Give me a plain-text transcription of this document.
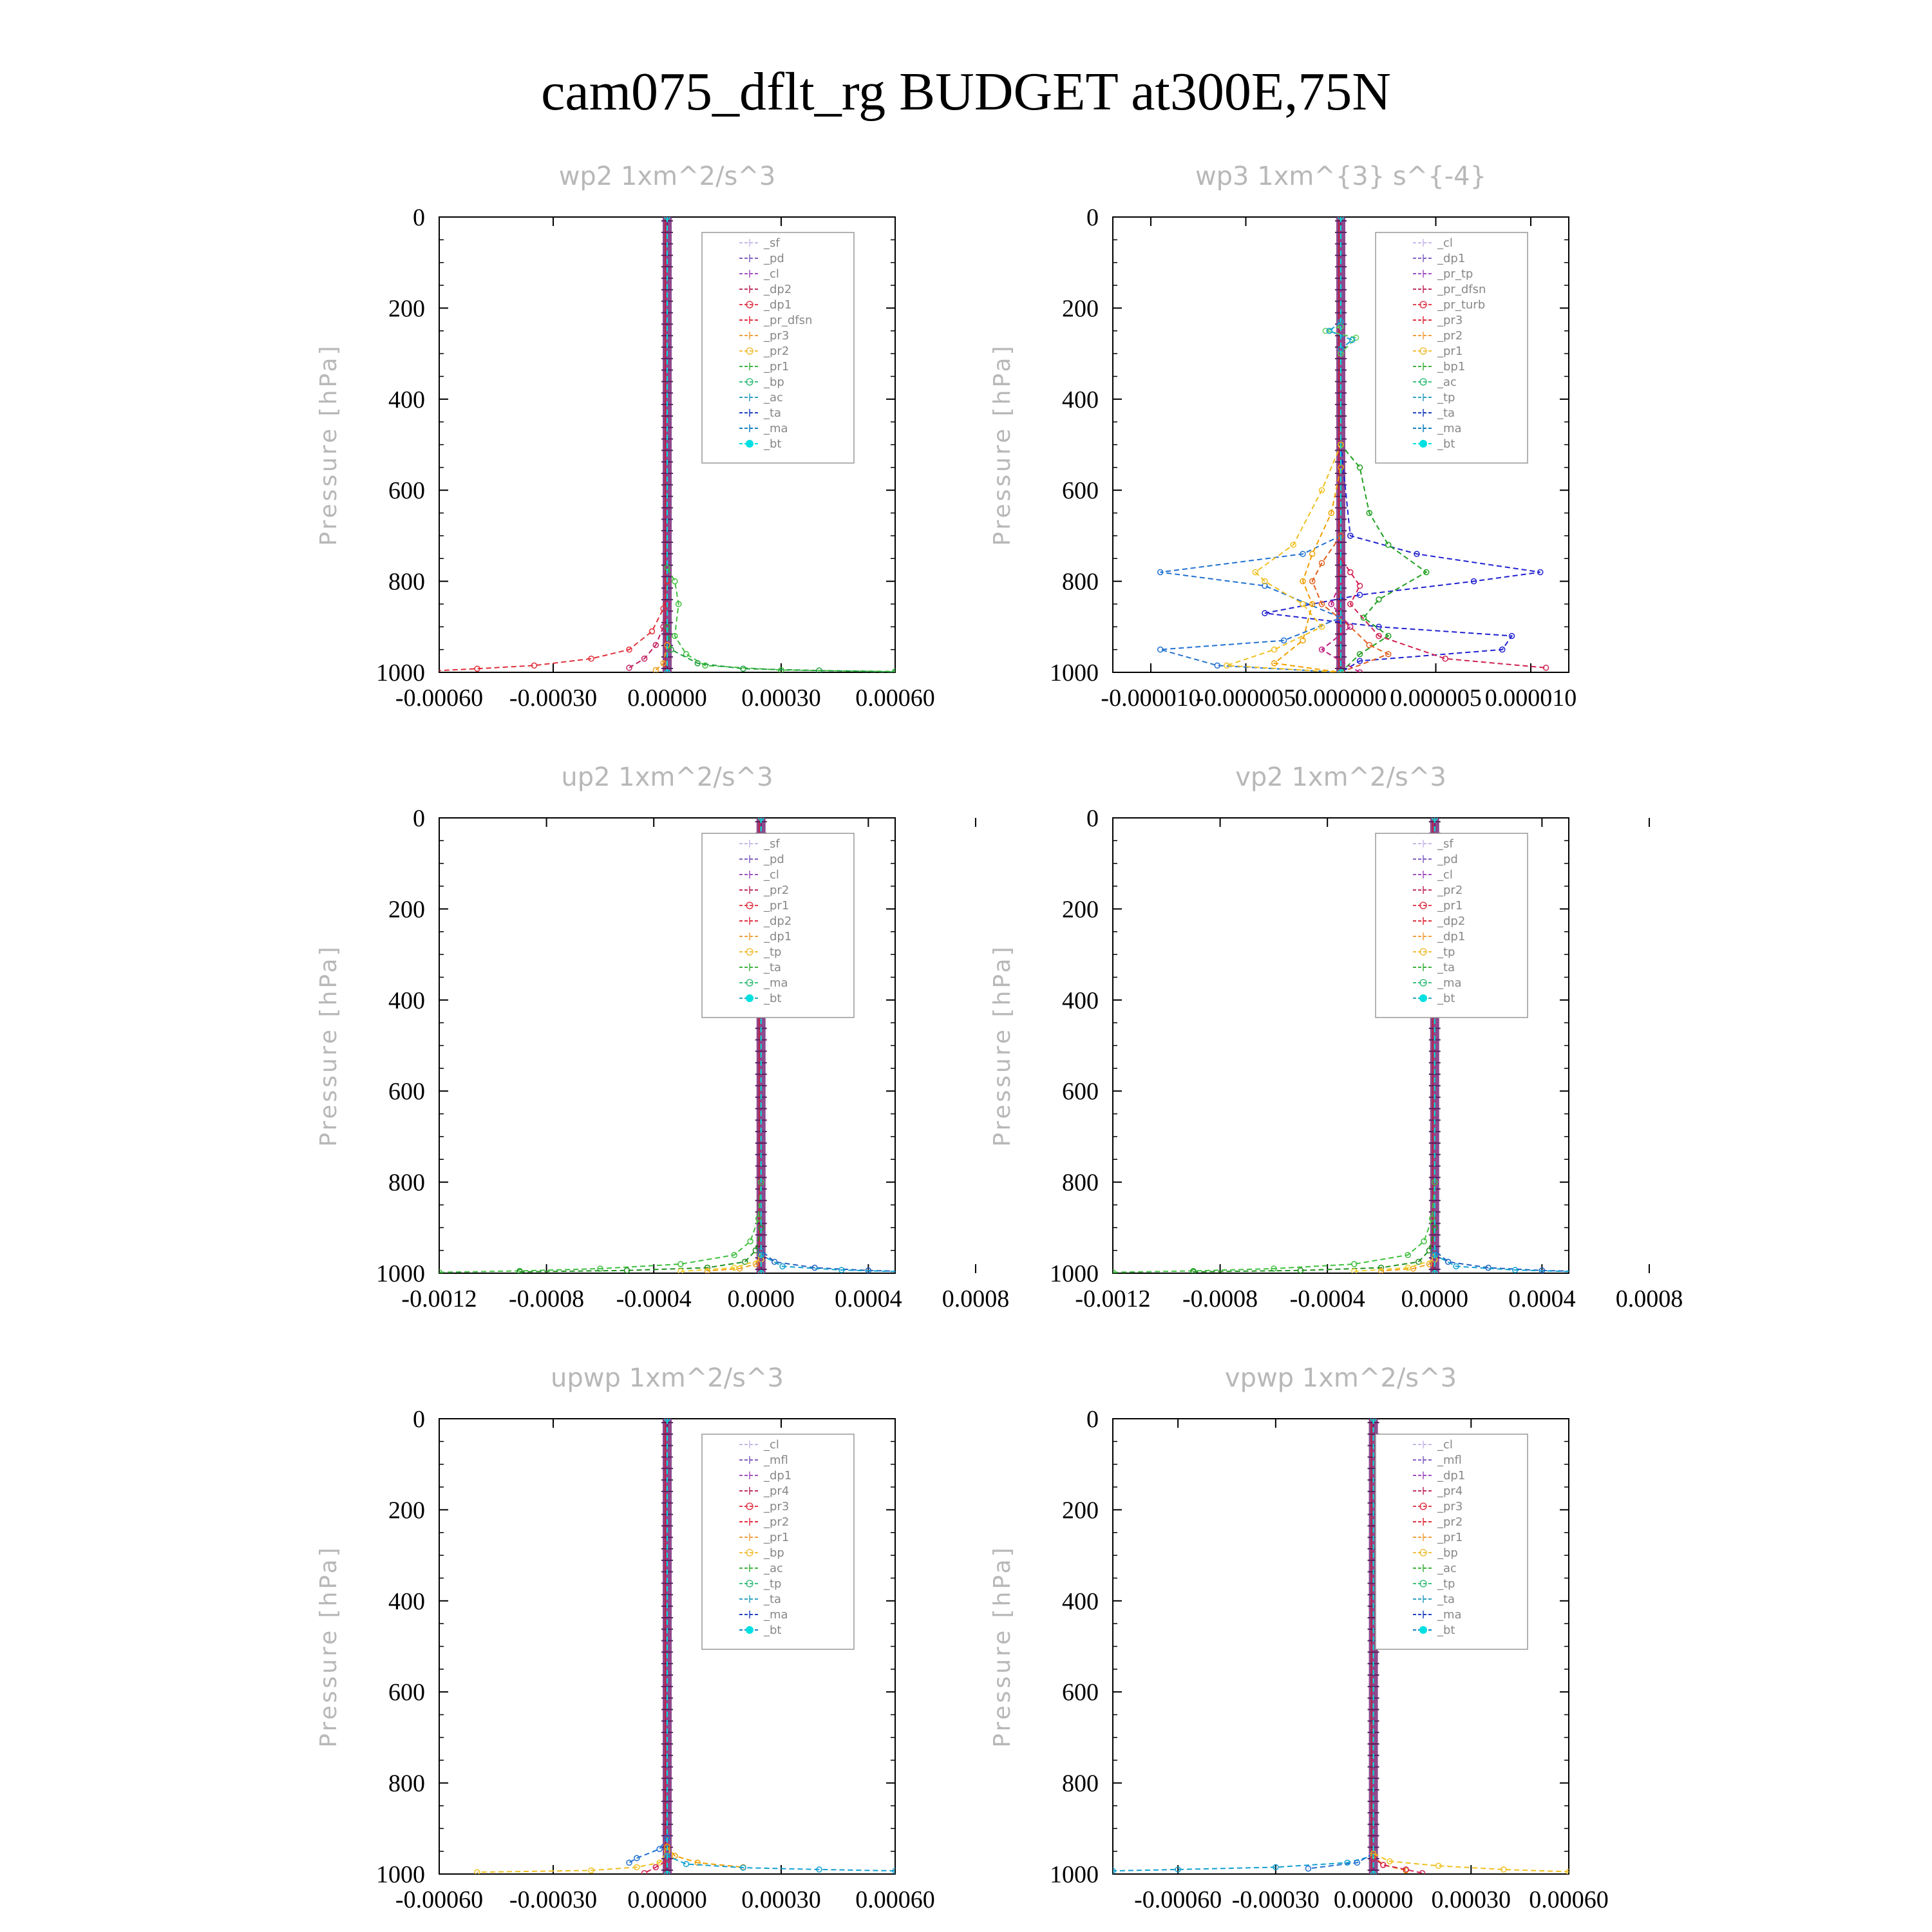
cam075_dflt_rg BUDGET at300E,75N
wp2 1xm^2/s^3
Pressure [hPa]
0
200
400
600
800
1000
-0.00060 -0.00030 0.00000 0.00030 0.00060
_sf
_pd
_cl
_dp2
_dp1
_pr_dfsn
_pr3
_pr2
_pr1
_bp
_ac
_ta
_ma
_bt
wp3 1xm^{3} s^{-4}
Pressure [hPa]
0
200
400
600
800
1000
-0.000010
-0.000005
0.000000 0.000005 0.000010
_cl
_dp1
_pr_tp
_pr_dfsn
_pr_turb
_pr3
_pr2
_pr1
_bp1
_ac
_tp
_ta
_ma
_bt
up2 1xm^2/s^3
Pressure [hPa]
0
200
400
600
800
1000
-0.0012 -0.0008 -0.0004 0.0000 0.0004 0.0008
_sf
_pd
_cl
_pr2
_pr1
_dp2
_dp1
_tp
_ta
_ma
_bt
vp2 1xm^2/s^3
Pressure [hPa]
0
200
400
600
800
1000
-0.0012 -0.0008 -0.0004 0.0000 0.0004 0.0008
_sf
_pd
_cl
_pr2
_pr1
_dp2
_dp1
_tp
_ta
_ma
_bt
upwp 1xm^2/s^3
Pressure [hPa]
0
200
400
600
800
1000
-0.00060 -0.00030 0.00000 0.00030 0.00060
_cl
_mfl
_dp1
_pr4
_pr3
_pr2
_pr1
_bp
_ac
_tp
_ta
_ma
_bt
vpwp 1xm^2/s^3
Pressure [hPa]
0
200
400
600
800
1000
-0.00060 -0.00030 0.00000 0.00030 0.00060
_cl
_mfl
_dp1
_pr4
_pr3
_pr2
_pr1
_bp
_ac
_tp
_ta
_ma
_bt
